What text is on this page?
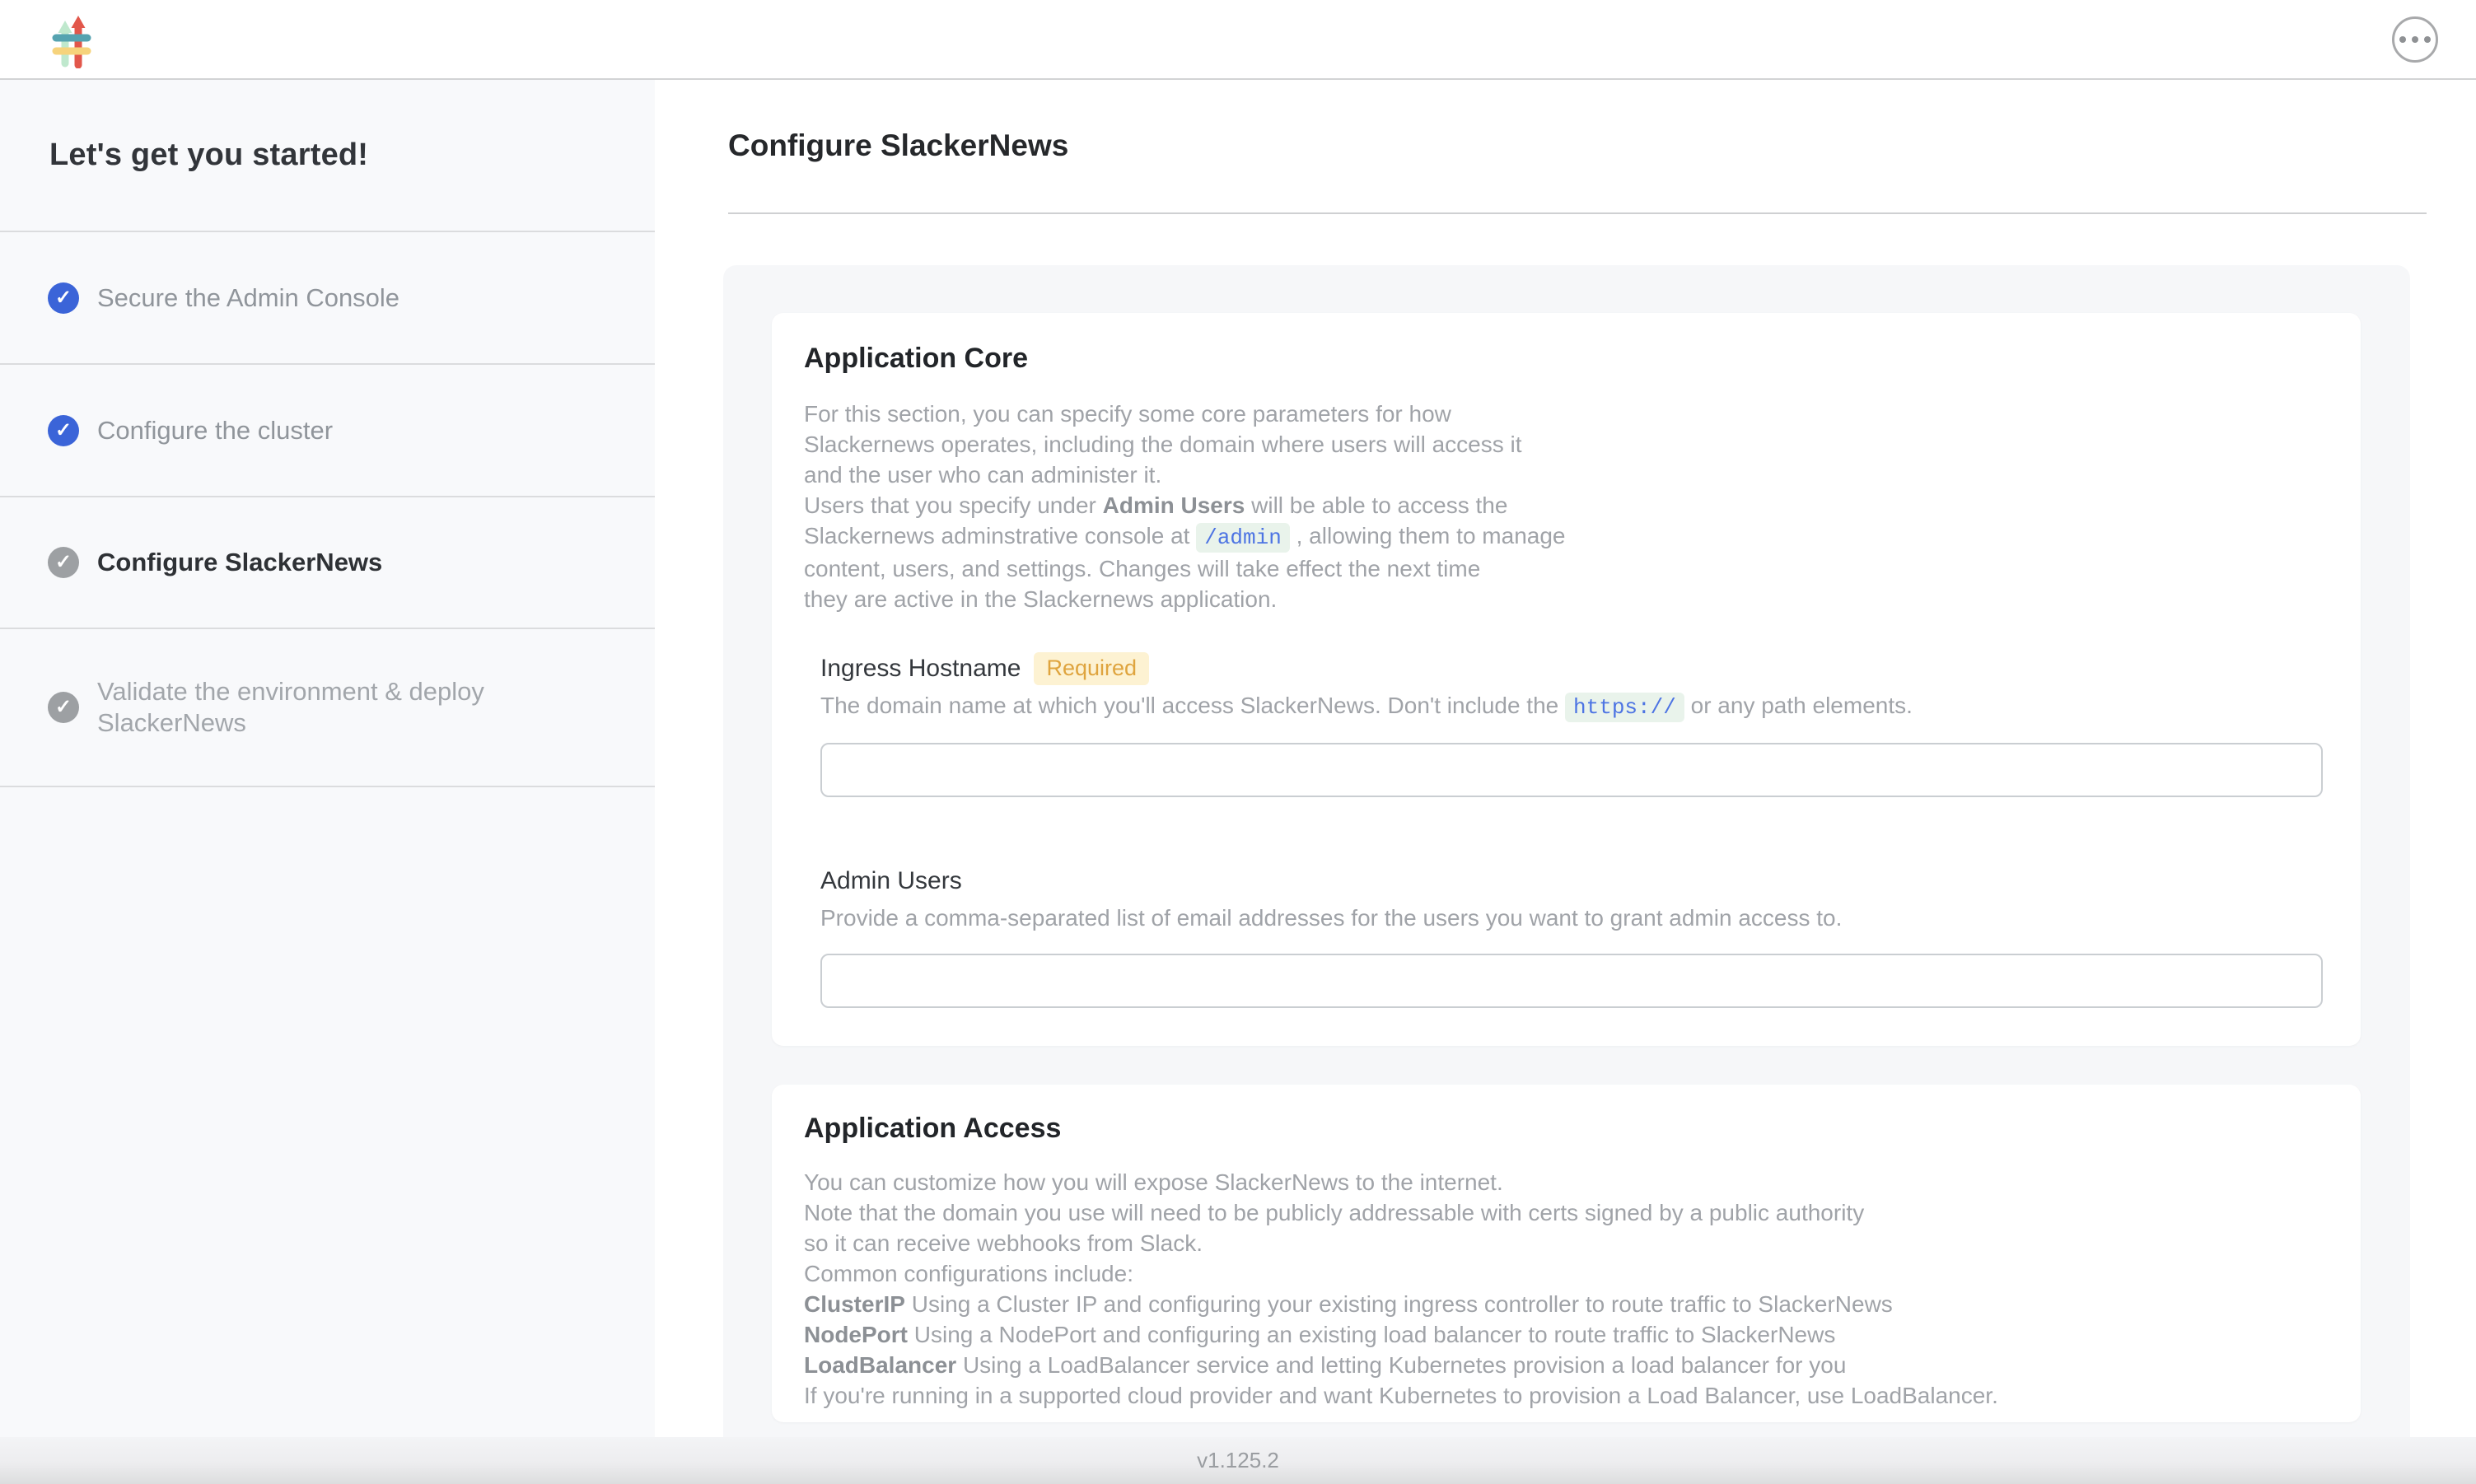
Let's get you started!
✓ Secure the Admin Console
✓ Configure the cluster
✓ Configure SlackerNews
✓
Validate the environment & deploy SlackerNews
Configure SlackerNews
Application Core
For this section, you can specify some core parameters for how
Slackernews operates, including the domain where users will access it
and the user who can administer it.
Users that you specify under Admin Users will be able to access the
Slackernews adminstrative console at /admin , allowing them to manage
content, users, and settings. Changes will take effect the next time
they are active in the Slackernews application.
Ingress Hostname	Required
The domain name at which you'll access SlackerNews. Don't include the https:// or any path elements.
Admin Users
Provide a comma-separated list of email addresses for the users you want to grant admin access to.
Application Access
You can customize how you will expose SlackerNews to the internet.
Note that the domain you use will need to be publicly addressable with certs signed by a public authority
so it can receive webhooks from Slack.
Common configurations include:
ClusterIP Using a Cluster IP and configuring your existing ingress controller to route traffic to SlackerNews
NodePort Using a NodePort and configuring an existing load balancer to route traffic to SlackerNews
LoadBalancer Using a LoadBalancer service and letting Kubernetes provision a load balancer for you
If you're running in a supported cloud provider and want Kubernetes to provision a Load Balancer, use LoadBalancer.
v1.125.2
